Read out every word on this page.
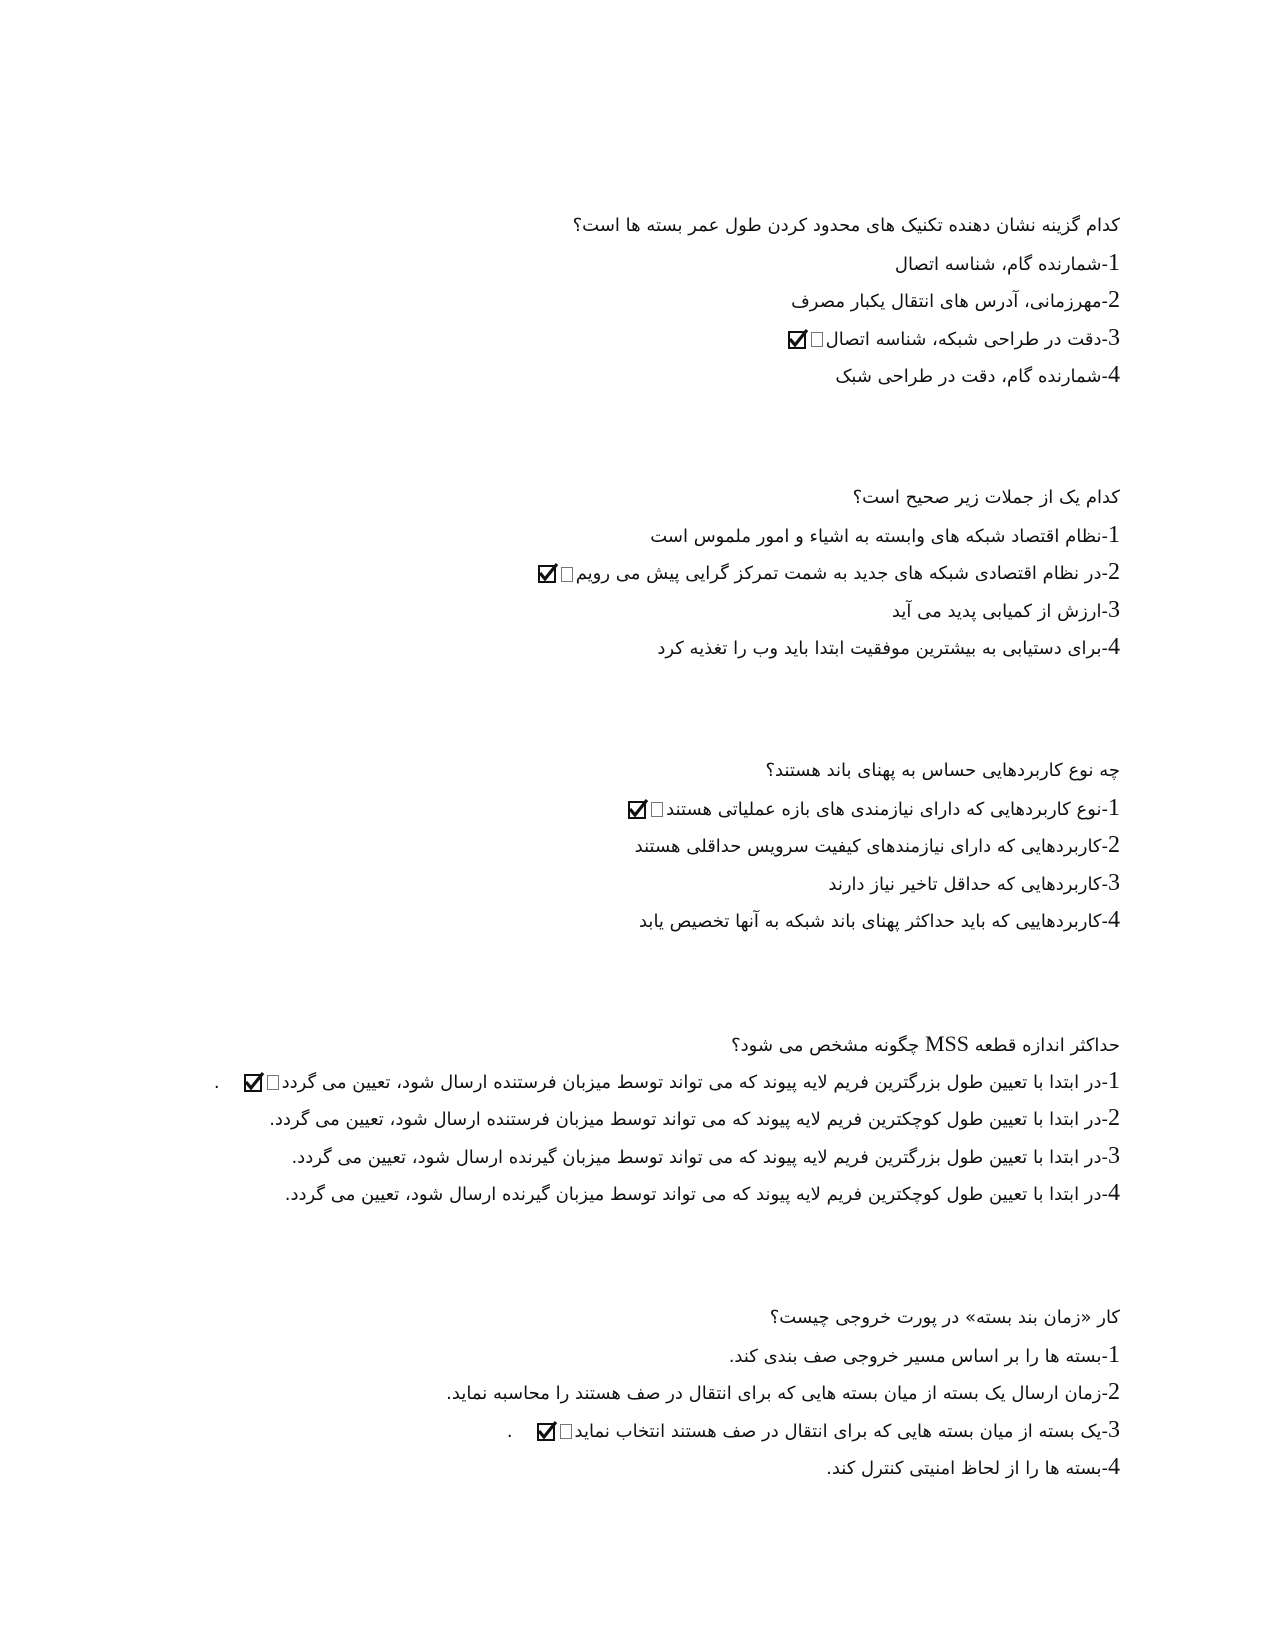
کدام گزینه نشان دهنده تکنیک های محدود کردن طول عمر بسته ها است؟
1-شمارنده گام، شناسه اتصال
2-مهرزمانی، آدرس های انتقال یکبار مصرف
3-دقت در طراحی شبکه، شناسه اتصال
4-شمارنده گام، دقت در طراحی شبک
کدام یک از جملات زیر صحیح است؟
1-نظام اقتصاد شبکه های وابسته به اشیاء و امور ملموس است
2-در نظام اقتصادی شبکه های جدید به شمت تمرکز گرایی پیش می رویم
3-ارزش از کمیابی پدید می آید
4-برای دستیابی به بیشترین موفقیت ابتدا باید وب را تغذیه کرد
چه نوع کاربردهایی حساس به پهنای باند هستند؟
1-نوع کاربردهایی که دارای نیازمندی های بازه عملیاتی هستند
2-کاربردهایی که دارای نیازمندهای کیفیت سرویس حداقلی هستند
3-کاربردهایی که حداقل تاخیر نیاز دارند
4-کاربردهاییی که باید حداکثر پهنای باند شبکه به آنها تخصیص یابد
حداکثر اندازه قطعه MSS چگونه مشخص می شود؟
1-در ابتدا با تعیین طول بزرگترین فریم لایه پیوند که می تواند توسط میزبان فرستنده ارسال شود، تعیین می گردد
.
2-در ابتدا با تعیین طول کوچکترین فریم لایه پیوند که می تواند توسط میزبان فرستنده ارسال شود، تعیین می گردد.
3-در ابتدا با تعیین طول بزرگترین فریم لایه پیوند که می تواند توسط میزبان گیرنده ارسال شود، تعیین می گردد.
4-در ابتدا با تعیین طول کوچکترین فریم لایه پیوند که می تواند توسط میزبان گیرنده ارسال شود، تعیین می گردد.
کار «زمان بند بسته» در پورت خروجی چیست؟
1-بسته ها را بر اساس مسیر خروجی صف بندی کند.
2-زمان ارسال یک بسته از میان بسته هایی که برای انتقال در صف هستند را محاسبه نماید.
3-یک بسته از میان بسته هایی که برای انتقال در صف هستند انتخاب نماید
.
4-بسته ها را از لحاظ امنیتی کنترل کند.
